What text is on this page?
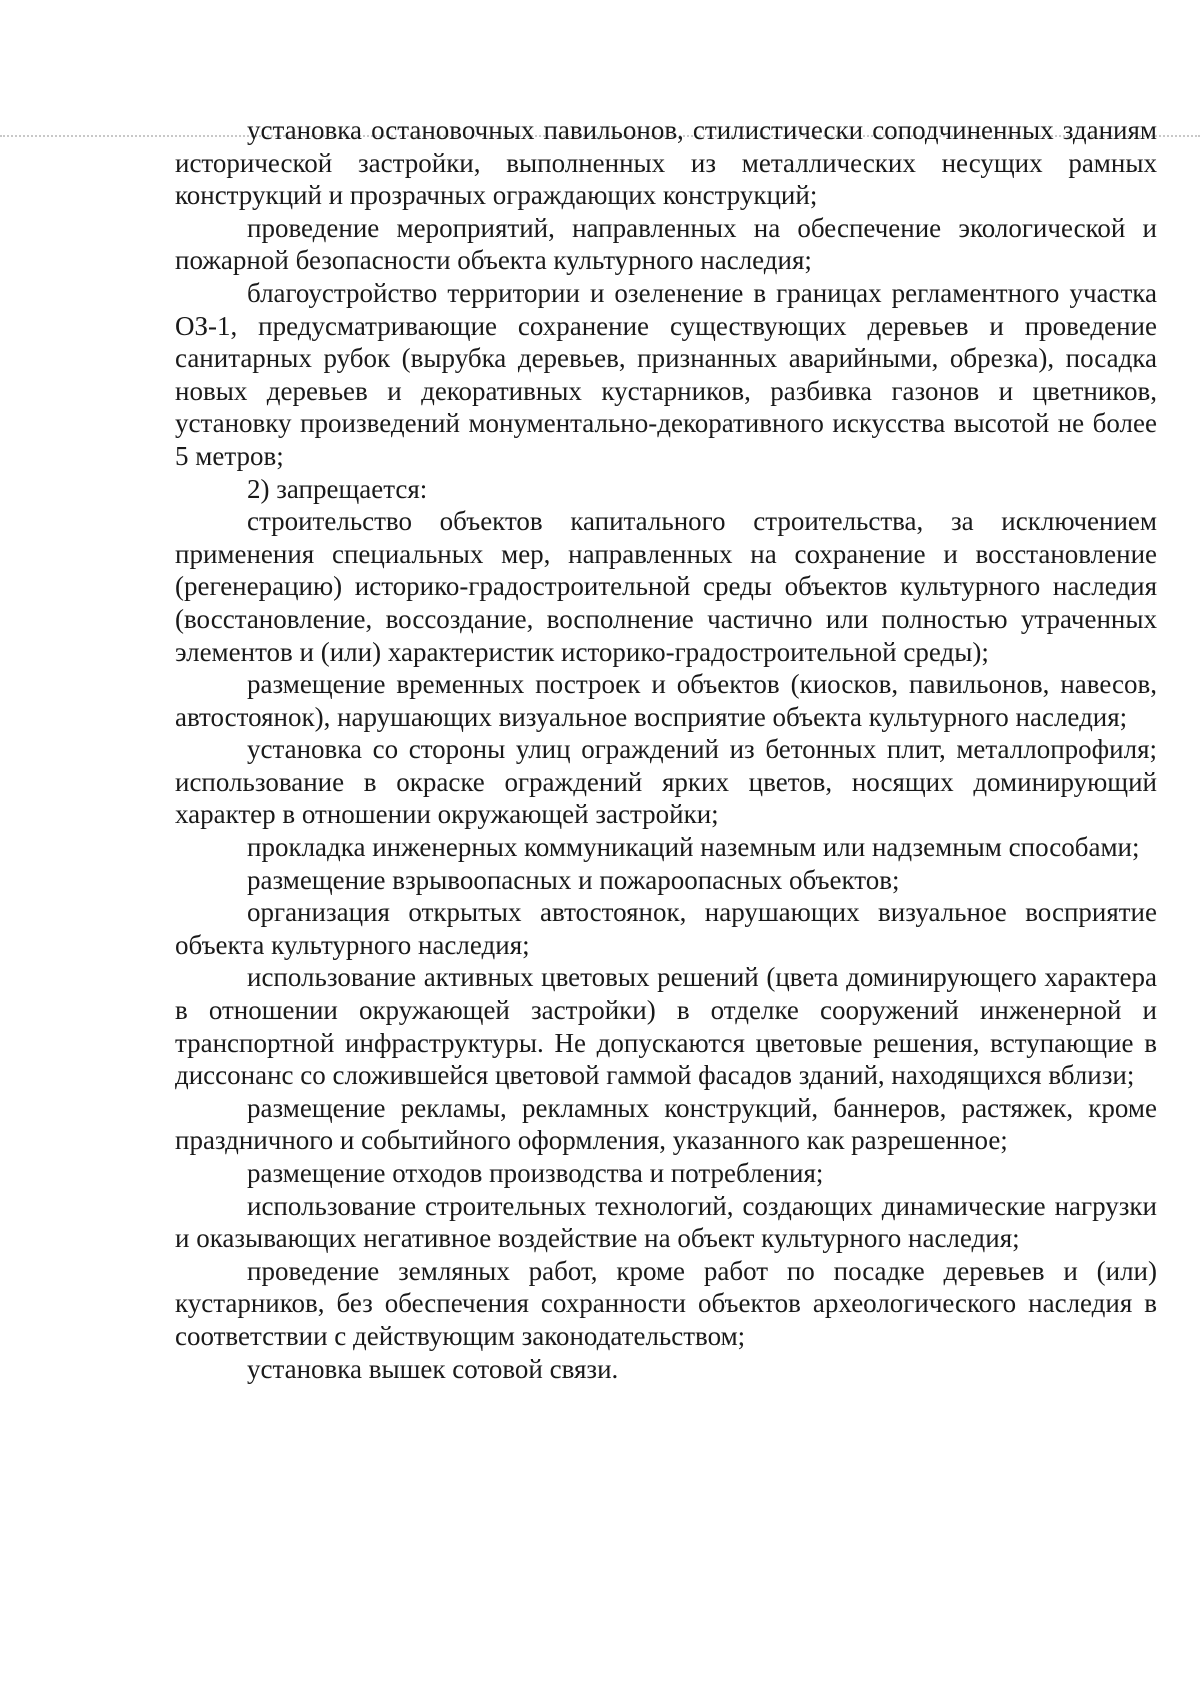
установка остановочных павильонов, стилистически соподчиненных зданиям исторической застройки, выполненных из металлических несущих рамных конструкций и прозрачных ограждающих конструкций;

проведение мероприятий, направленных на обеспечение экологической и пожарной безопасности объекта культурного наследия;

благоустройство территории и озеленение в границах регламентного участка ОЗ-1, предусматривающие сохранение существующих деревьев и проведение санитарных рубок (вырубка деревьев, признанных аварийными, обрезка), посадка новых деревьев и декоративных кустарников, разбивка газонов и цветников, установку произведений монументально-декоративного искусства высотой не более 5 метров;

2) запрещается:

строительство объектов капитального строительства, за исключением применения специальных мер, направленных на сохранение и восстановление (регенерацию) историко-градостроительной среды объектов культурного наследия (восстановление, воссоздание, восполнение частично или полностью утраченных элементов и (или) характеристик историко-градостроительной среды);

размещение временных построек и объектов (киосков, павильонов, навесов, автостоянок), нарушающих визуальное восприятие объекта культурного наследия;

установка со стороны улиц ограждений из бетонных плит, металлопрофиля; использование в окраске ограждений ярких цветов, носящих доминирующий характер в отношении окружающей застройки;

прокладка инженерных коммуникаций наземным или надземным способами;

размещение взрывоопасных и пожароопасных объектов;

организация открытых автостоянок, нарушающих визуальное восприятие объекта культурного наследия;

использование активных цветовых решений (цвета доминирующего характера в отношении окружающей застройки) в отделке сооружений инженерной и транспортной инфраструктуры. Не допускаются цветовые решения, вступающие в диссонанс со сложившейся цветовой гаммой фасадов зданий, находящихся вблизи;

размещение рекламы, рекламных конструкций, баннеров, растяжек, кроме праздничного и событийного оформления, указанного как разрешенное;

размещение отходов производства и потребления;

использование строительных технологий, создающих динамические нагрузки и оказывающих негативное воздействие на объект культурного наследия;

проведение земляных работ, кроме работ по посадке деревьев и (или) кустарников, без обеспечения сохранности объектов археологического наследия в соответствии с действующим законодательством;

установка вышек сотовой связи.
